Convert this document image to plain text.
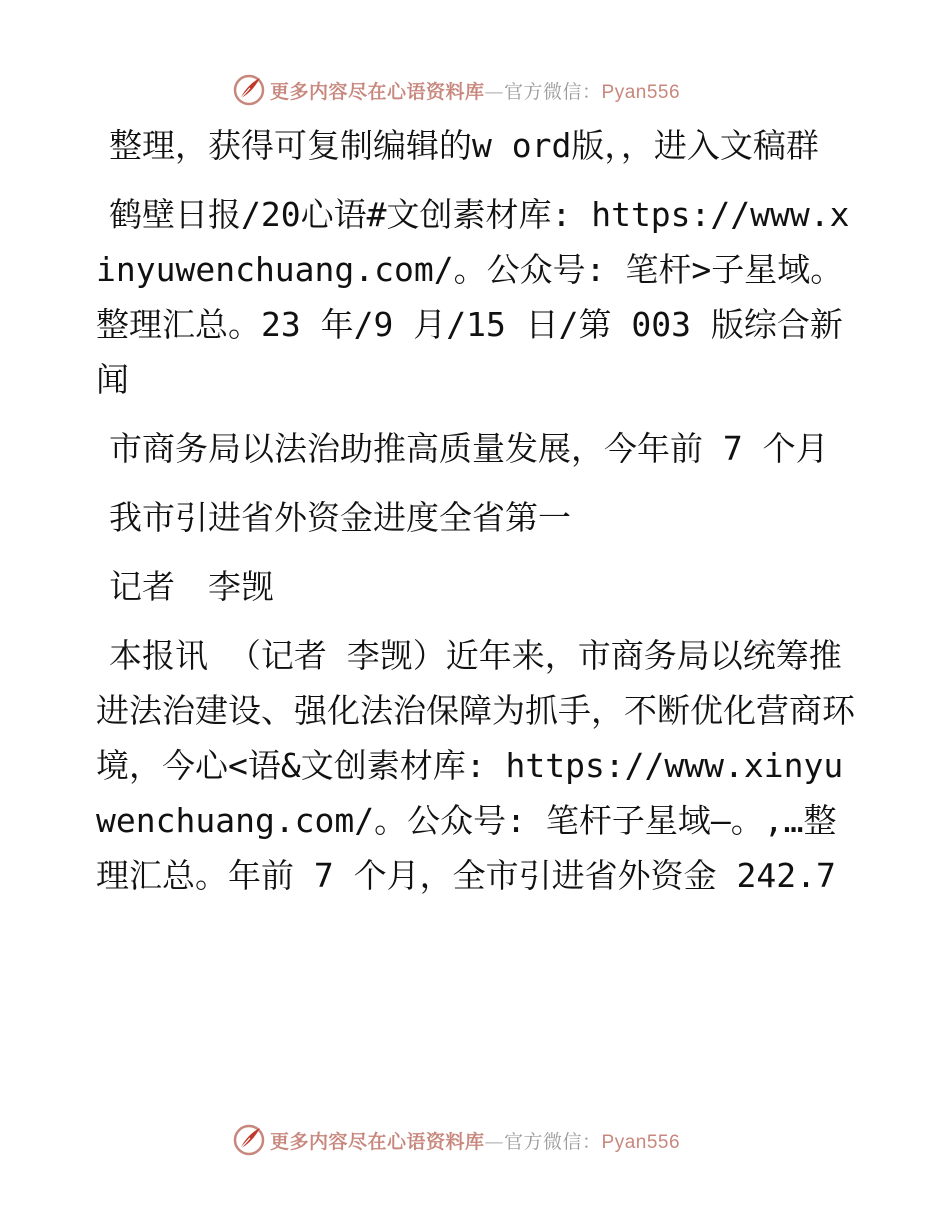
更多内容尽在心语资料库—官方微信：Pyan556

整理，获得可复制编辑的w ord版，，进入文稿群

鹤壁日报/20心语#文创素材库: https://www.xinyuwenchuang.com/。公众号: 笔杆>子星域。整理汇总。23 年/9 月/15 日/第 003 版综合新闻

市商务局以法治助推高质量发展，今年前 7 个月

我市引进省外资金进度全省第一

记者　李觊

本报讯 （记者 李觊）近年来，市商务局以统筹推进法治建设、强化法治保障为抓手，不断优化营商环境，今心<语&文创素材库: https://www.xinyuwenchuang.com/。公众号: 笔杆子星域—。,…整理汇总。年前 7 个月，全市引进省外资金 242.7

更多内容尽在心语资料库—官方微信：Pyan556
